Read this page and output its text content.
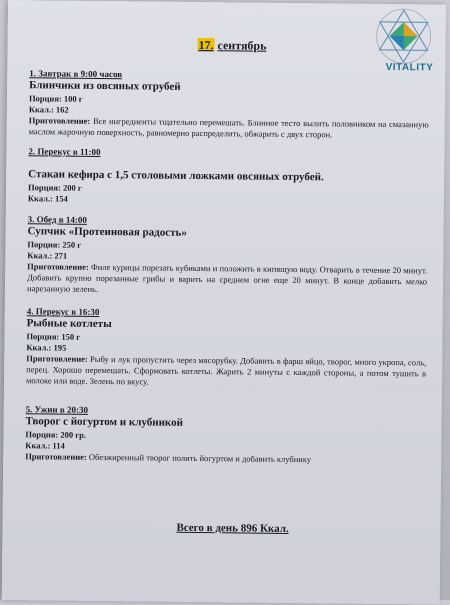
VITALITY
17. сентябрь
1. Завтрак в 9:00 часов
Блинчики из овсяных отрубей
Порция: 100 г
Ккал.: 162
Приготовление: Все ингредиенты тщательно перемешать. Блинное тесто вылить половником на смазанную маслом жарочную поверхность, равномерно распределить, обжарить с двух сторон.
2. Перекус в 11:00
Стакан кефира с 1,5 столовыми ложками овсяных отрубей.
Порция: 200 г
Ккал.: 154
3. Обед в 14:00
Супчик «Протеиновая радость»
Порция: 250 г
Ккал.: 271
Приготовление: Филе курицы порезать кубиками и положить в кипящую воду. Отварить в течение 20 минут. Добавить крупно порезанные грибы и варить на среднем огне еще 20 минут. В конце добавить мелко нарезанную зелень.
4. Перекус в 16:30
Рыбные котлеты
Порция: 150 г
Ккал.: 195
Приготовление: Рыбу и лук пропустить через мясорубку. Добавить в фарш яйцо, творог, много укропа, соль, перец. Хорошо перемешать. Сформовать котлеты. Жарить 2 минуты с каждой стороны, а потом тушить в молоке или воде. Зелень по вкусу.
5. Ужин в 20:30
Творог с йогуртом и клубникой
Порция: 200 гр.
Ккал.: 114
Приготовление: Обезжиренный творог полить йогуртом и добавить клубнику
Всего в день 896 Ккал.
